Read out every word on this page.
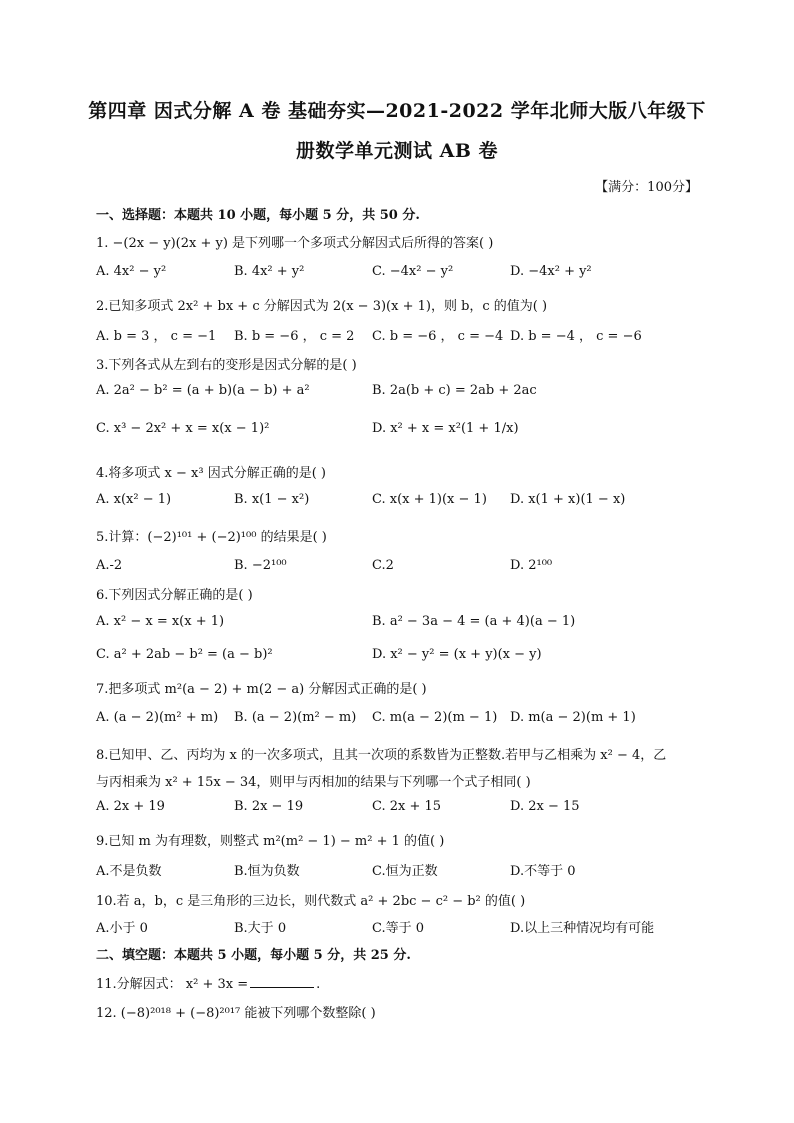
第四章 因式分解 A 卷 基础夯实—2021-2022 学年北师大版八年级下
册数学单元测试 AB 卷
【满分：100分】
一、选择题：本题共 10 小题，每小题 5 分，共 50 分.
1. −(2x − y)(2x + y) 是下列哪一个多项式分解因式后所得的答案( )
A. 4x² − y²	B. 4x² + y²	C. −4x² − y²	D. −4x² + y²
2.已知多项式 2x² + bx + c 分解因式为 2(x − 3)(x + 1)，则 b，c 的值为( )
A. b = 3 ， c = −1 B. b = −6 ， c = 2 C. b = −6 ， c = −4 D. b = −4 ， c = −6
3.下列各式从左到右的变形是因式分解的是( )
A. 2a² − b² = (a + b)(a − b) + a²	B. 2a(b + c) = 2ab + 2ac
C. x³ − 2x² + x = x(x − 1)²	D. x² + x = x²(1 + 1/x)
4.将多项式 x − x³ 因式分解正确的是( )
A. x(x² − 1)	B. x(1 − x²)	C. x(x + 1)(x − 1) D. x(1 + x)(1 − x)
5.计算：(−2)¹⁰¹ + (−2)¹⁰⁰ 的结果是( )
A.-2	B. −2¹⁰⁰	C.2	D. 2¹⁰⁰
6.下列因式分解正确的是( )
A. x² − x = x(x + 1)	B. a² − 3a − 4 = (a + 4)(a − 1)
C. a² + 2ab − b² = (a − b)²	D. x² − y² = (x + y)(x − y)
7.把多项式 m²(a − 2) + m(2 − a) 分解因式正确的是( )
A. (a − 2)(m² + m) B. (a − 2)(m² − m) C. m(a − 2)(m − 1) D. m(a − 2)(m + 1)
8.已知甲、乙、丙均为 x 的一次多项式，且其一次项的系数皆为正整数.若甲与乙相乘为 x² − 4，乙
与丙相乘为 x² + 15x − 34，则甲与丙相加的结果与下列哪一个式子相同( )
A. 2x + 19	B. 2x − 19	C. 2x + 15	D. 2x − 15
9.已知 m 为有理数，则整式 m²(m² − 1) − m² + 1 的值( )
A.不是负数	B.恒为负数	C.恒为正数	D.不等于 0
10.若 a，b，c 是三角形的三边长，则代数式 a² + 2bc − c² − b² 的值( )
A.小于 0	B.大于 0	C.等于 0	D.以上三种情况均有可能
二、填空题：本题共 5 小题，每小题 5 分，共 25 分.
11.分解因式： x² + 3x =	.
12. (−8)²⁰¹⁸ + (−8)²⁰¹⁷ 能被下列哪个数整除( )
